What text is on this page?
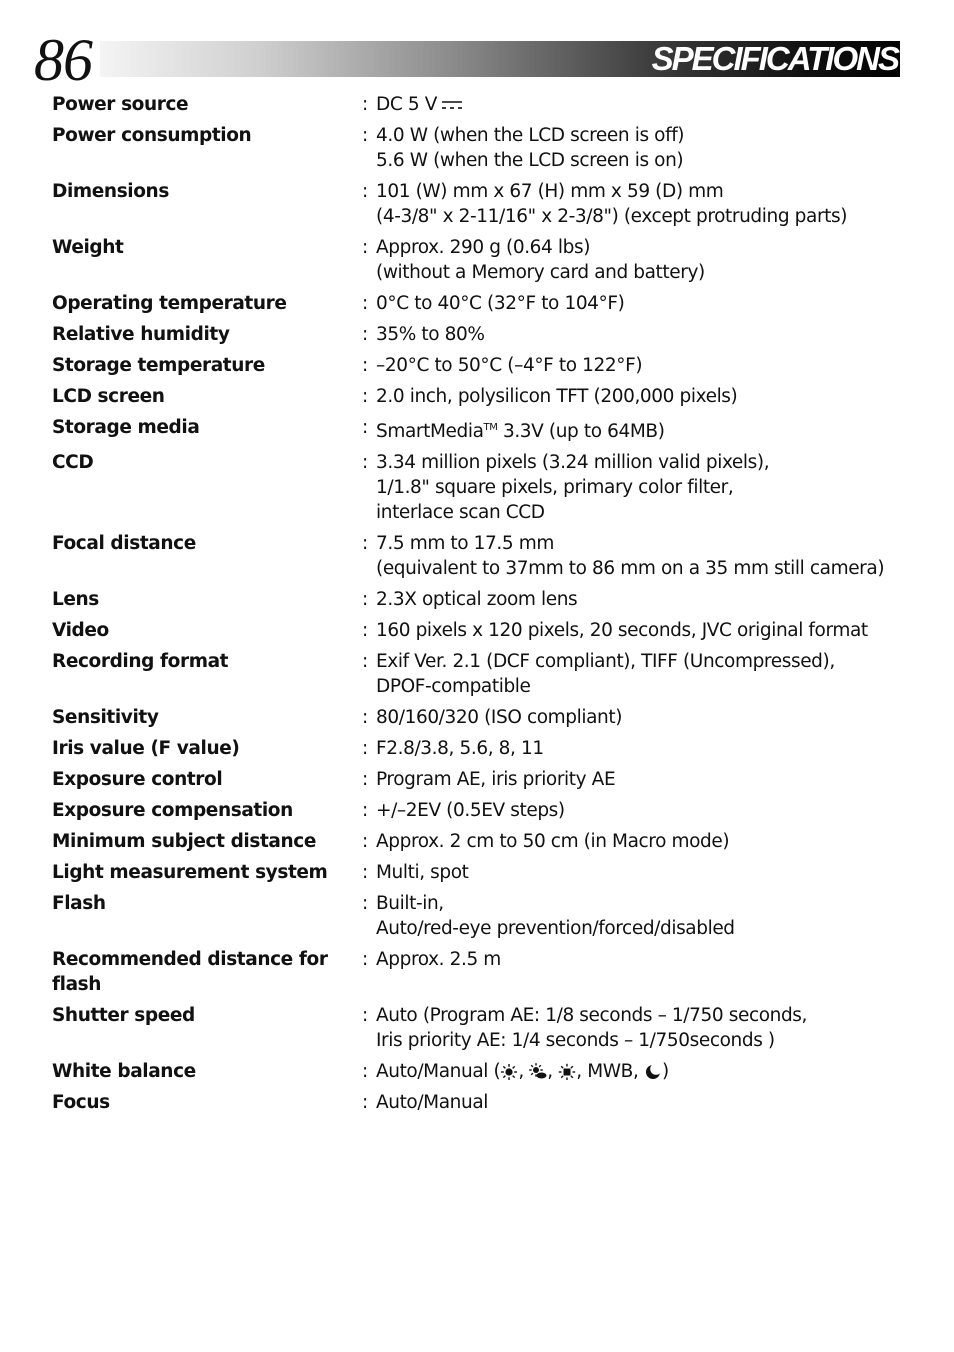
86	SPECIFICATIONS
Power source	: DC 5 V
Power consumption	: 4.0 W (when the LCD screen is off)
5.6 W (when the LCD screen is on)
Dimensions	: 101 (W) mm x 67 (H) mm x 59 (D) mm
(4-3/8" x 2-11/16" x 2-3/8") (except protruding parts)
Weight	: Approx. 290 g (0.64 lbs)
(without a Memory card and battery)
Operating temperature	: 0°C to 40°C (32°F to 104°F)
Relative humidity	: 35% to 80%
Storage temperature	: –20°C to 50°C (–4°F to 122°F)
LCD screen	: 2.0 inch, polysilicon TFT (200,000 pixels)
Storage media	: SmartMedia™ 3.3V (up to 64MB)
CCD	: 3.34 million pixels (3.24 million valid pixels),
1/1.8" square pixels, primary color filter,
interlace scan CCD
Focal distance	: 7.5 mm to 17.5 mm
(equivalent to 37mm to 86 mm on a 35 mm still camera)
Lens	: 2.3X optical zoom lens
Video	: 160 pixels x 120 pixels, 20 seconds, JVC original format
Recording format	: Exif Ver. 2.1 (DCF compliant), TIFF (Uncompressed),
DPOF-compatible
Sensitivity	: 80/160/320 (ISO compliant)
Iris value (F value)	: F2.8/3.8, 5.6, 8, 11
Exposure control	: Program AE, iris priority AE
Exposure compensation	: +/–2EV (0.5EV steps)
Minimum subject distance	: Approx. 2 cm to 50 cm (in Macro mode)
Light measurement system	: Multi, spot
Flash	: Built-in,
Auto/red-eye prevention/forced/disabled
Recommended distance for flash
: Approx. 2.5 m
Shutter speed	: Auto (Program AE: 1/8 seconds – 1/750 seconds,
Iris priority AE: 1/4 seconds – 1/750seconds )
White balance	: Auto/Manual ( , , , MWB, )
Focus	: Auto/Manual
